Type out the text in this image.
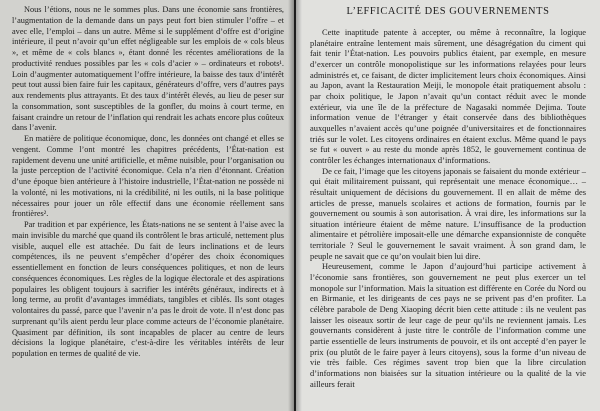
Nous l’étions, nous ne le sommes plus. Dans une économie sans frontières, l’augmentation de la demande dans un pays peut fort bien stimuler l’offre – et avec elle, l’emploi – dans un autre. Même si le supplément d’offre est d’origine intérieure, il peut n’avoir qu’un effet négligeable sur les emplois de « cols bleus », et même de « cols blancs », étant donné les récentes améliorations de la productivité rendues possibles par les « cols d’acier » – ordinateurs et robots¹. Loin d’augmenter automatiquement l’offre intérieure, la baisse des taux d’intérêt peut tout aussi bien faire fuir les capitaux, générateurs d’offre, vers d’autres pays aux rendements plus attrayants. Et des taux d’intérêt élevés, au lieu de peser sur la consommation, sont susceptibles de la gonfler, du moins à court terme, en faisant craindre un retour de l’inflation qui rendrait les achats encore plus coûteux dans l’avenir.

En matière de politique économique, donc, les données ont changé et elles se vengent. Comme l’ont montré les chapitres précédents, l’État-nation est rapidement devenu une unité artificielle, et même nuisible, pour l’organisation ou la juste perception de l’activité économique. Cela n’a rien d’étonnant. Création d’une époque bien antérieure à l’histoire industrielle, l’État-nation ne possède ni la volonté, ni les motivations, ni la crédibilité, ni les outils, ni la base politique nécessaires pour jouer un rôle effectif dans une économie réellement sans frontières².

Par tradition et par expérience, les États-nations ne se sentent à l’aise avec la main invisible du marché que quand ils contrôlent le bras articulé, nettement plus visible, auquel elle est attachée. Du fait de leurs inclinations et de leurs compétences, ils ne peuvent s’empêcher d’opérer des choix économiques essentiellement en fonction de leurs conséquences politiques, et non de leurs conséquences économiques. Les règles de la logique électorale et des aspirations populaires les obligent toujours à sacrifier les intérêts généraux, indirects et à long terme, au profit d’avantages immédiats, tangibles et ciblés. Ils sont otages volontaires du passé, parce que l’avenir n’a pas le droit de vote. Il n’est donc pas surprenant qu’ils aient perdu leur place comme acteurs de l’économie planétaire. Quasiment par définition, ils sont incapables de placer au centre de leurs décisions la logique planétaire, c’est-à-dire les véritables intérêts de leur population en termes de qualité de vie.

L’EFFICACITÉ DES GOUVERNEMENTS

Cette inaptitude patente à accepter, ou même à reconnaître, la logique planétaire entraîne lentement mais sûrement, une désagrégation du ciment qui fait tenir l’État-nation. Les pouvoirs publics étaient, par exemple, en mesure d’exercer un contrôle monopolistique sur les informations relayées pour leurs administrés et, ce faisant, de dicter implicitement leurs choix économiques. Ainsi au Japon, avant la Restauration Meiji, le monopole était pratiquement absolu : par choix politique, le Japon n’avait qu’un contact réduit avec le monde extérieur, via une île de la préfecture de Nagasaki nommée Dejima. Toute information venue de l’étranger y était conservée dans des bibliothèques auxquelles n’avaient accès qu’une poignée d’universitaires et de fonctionnaires triés sur le volet. Les citoyens ordinaires en étaient exclus. Même quand le pays se fut « ouvert » au reste du monde après 1852, le gouvernement continua de contrôler les échanges internationaux d’informations.

De ce fait, l’image que les citoyens japonais se faisaient du monde extérieur – qui était militairement puissant, qui représentait une menace économique… – résultait uniquement de décisions du gouvernement. Il en allait de même des articles de presse, manuels scolaires et actions de formation, fournis par le gouvernement ou soumis à son autorisation. À vrai dire, les informations sur la situation intérieure étaient de même nature. L’insuffisance de la production alimentaire et pétrolière imposait-elle une démarche expansionniste de conquête territoriale ? Seul le gouvernement le savait vraiment. À son grand dam, le peuple ne savait que ce qu’on voulait bien lui dire.

Heureusement, comme le Japon d’aujourd’hui participe activement à l’économie sans frontières, son gouvernement ne peut plus exercer un tel monopole sur l’information. Mais la situation est différente en Corée du Nord ou en Birmanie, et les dirigeants de ces pays ne se privent pas d’en profiter. La célèbre parabole de Deng Xiaoping décrit bien cette attitude : ils ne veulent pas laisser les oiseaux sortir de leur cage de peur qu’ils ne reviennent jamais. Les gouvernants considèrent à juste titre le contrôle de l’information comme une partie essentielle de leurs instruments de pouvoir, et ils ont accepté d’en payer le prix (ou plutôt de le faire payer à leurs citoyens), sous la forme d’un niveau de vie très faible. Ces régimes savent trop bien que la libre circulation d’informations non biaisées sur la situation intérieure ou la qualité de la vie ailleurs ferait
